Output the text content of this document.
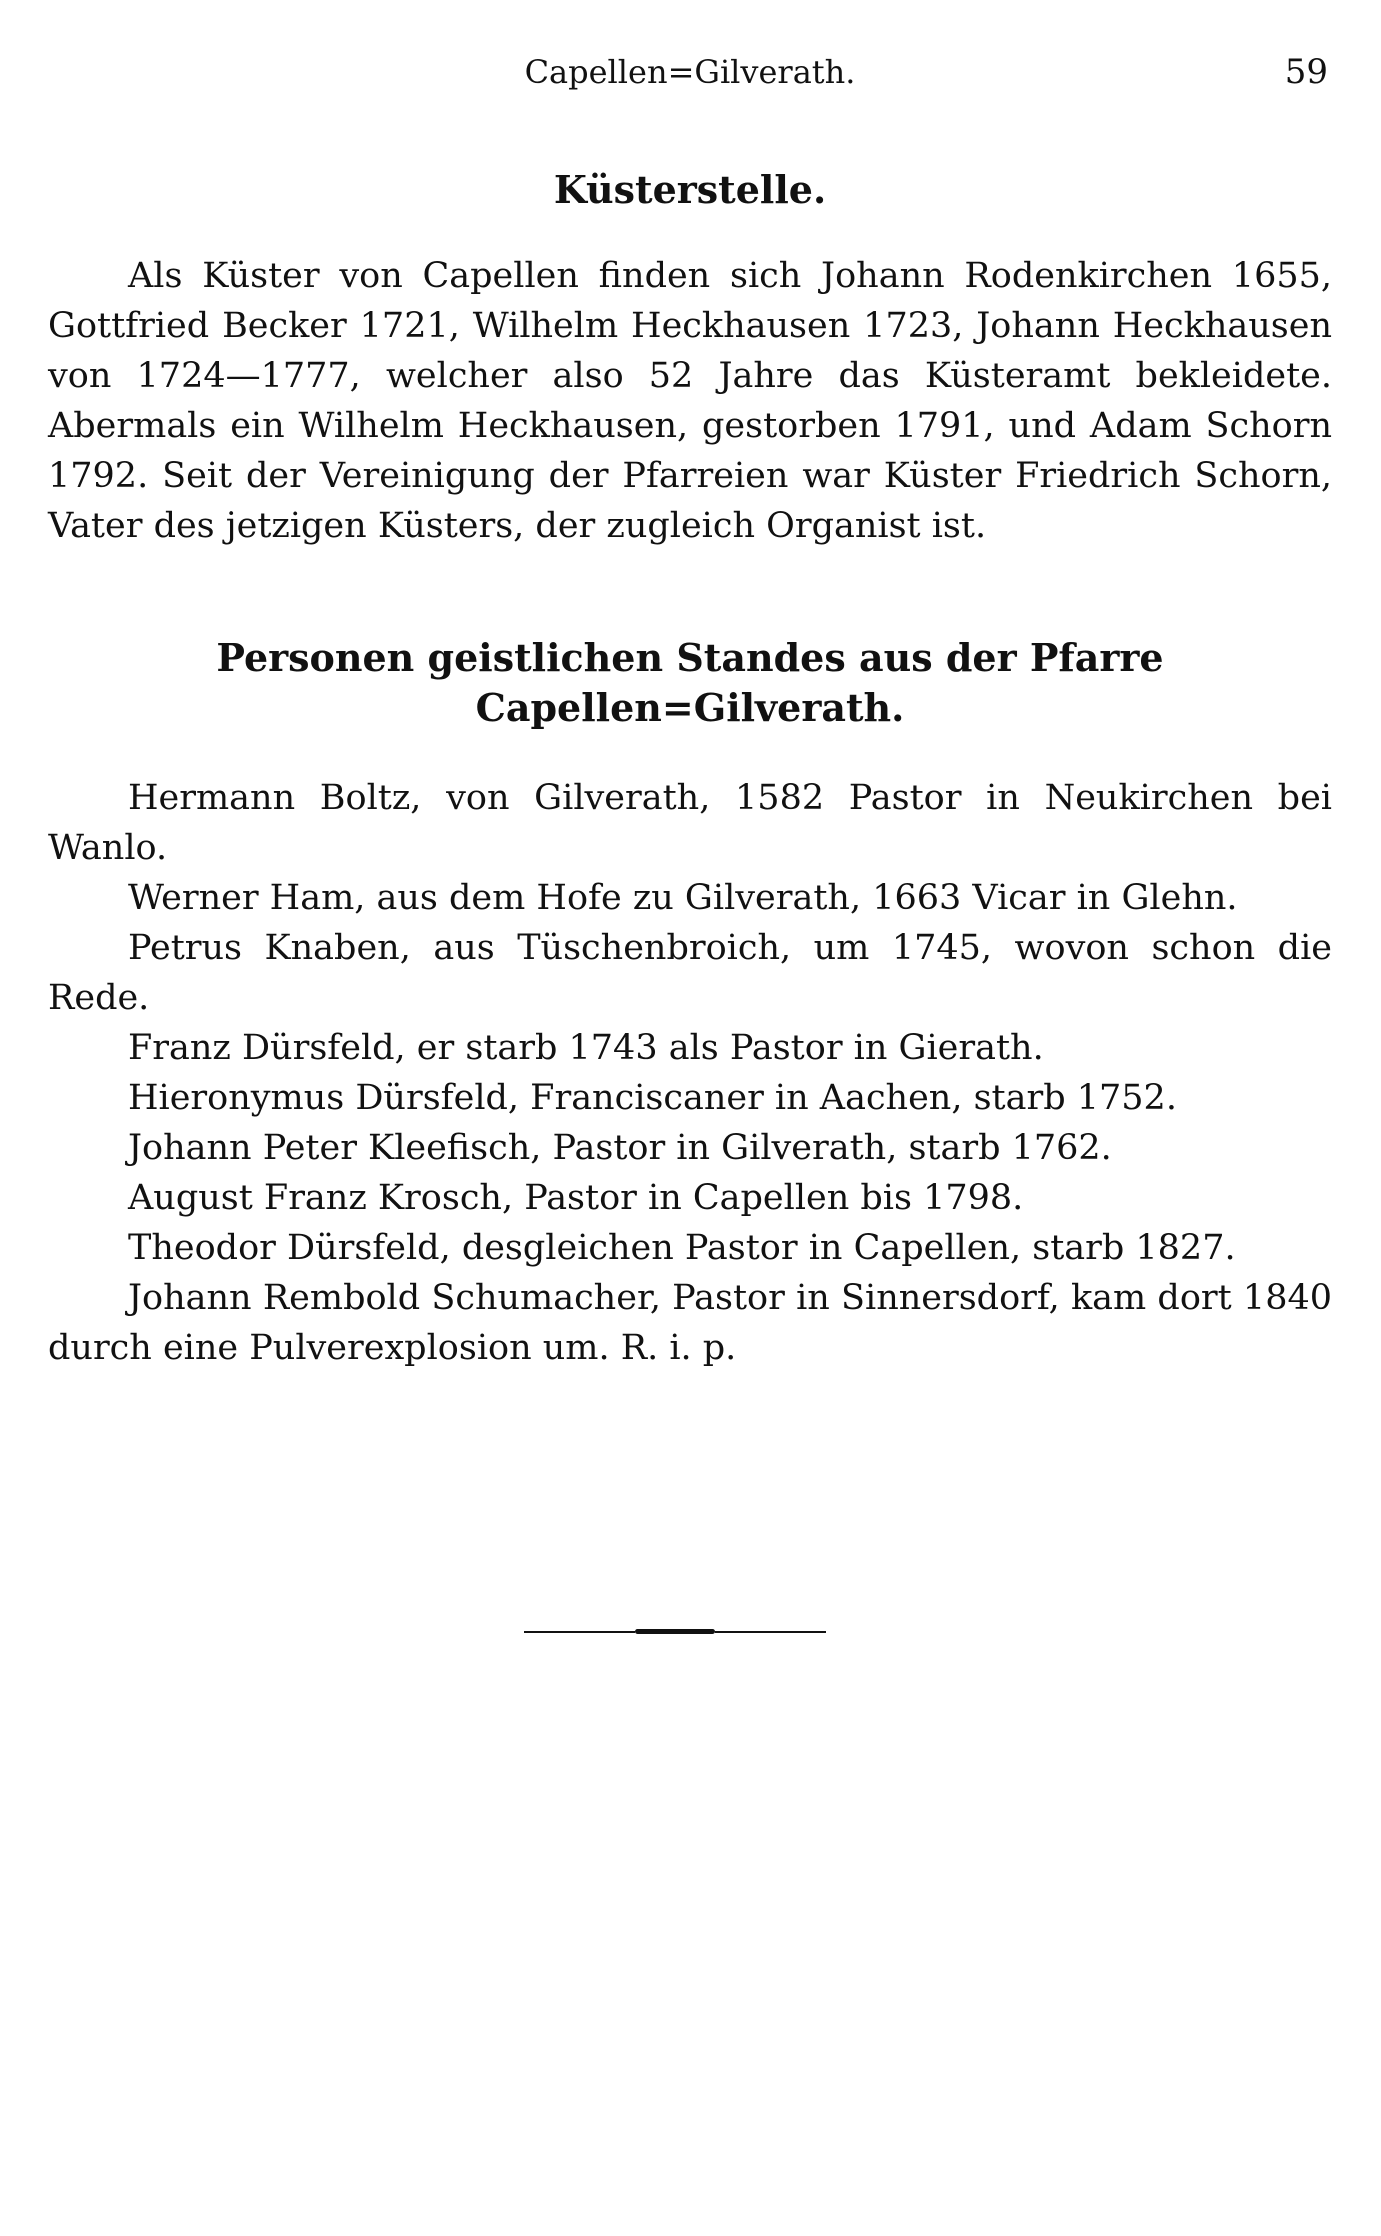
Capellen=Gilverath.	59
Küsterstelle.

Als Küster von Capellen finden sich Johann Rodenkirchen 1655, Gottfried Becker 1721, Wilhelm Heckhausen 1723, Johann Heckhausen von 1724—1777, welcher also 52 Jahre das Küsteramt bekleidete. Abermals ein Wilhelm Heckhausen, gestorben 1791, und Adam Schorn 1792. Seit der Vereinigung der Pfarreien war Küster Friedrich Schorn, Vater des jetzigen Küsters, der zugleich Organist ist.

Personen geistlichen Standes aus der Pfarre Capellen=Gilverath.

Hermann Boltz, von Gilverath, 1582 Pastor in Neukirchen bei Wanlo.

Werner Ham, aus dem Hofe zu Gilverath, 1663 Vicar in Glehn.

Petrus Knaben, aus Tüschenbroich, um 1745, wovon schon die Rede.

Franz Dürsfeld, er starb 1743 als Pastor in Gierath.

Hieronymus Dürsfeld, Franciscaner in Aachen, starb 1752.

Johann Peter Kleefisch, Pastor in Gilverath, starb 1762.

August Franz Krosch, Pastor in Capellen bis 1798.

Theodor Dürsfeld, desgleichen Pastor in Capellen, starb 1827.

Johann Rembold Schumacher, Pastor in Sinnersdorf, kam dort 1840 durch eine Pulverexplosion um. R. i. p.
